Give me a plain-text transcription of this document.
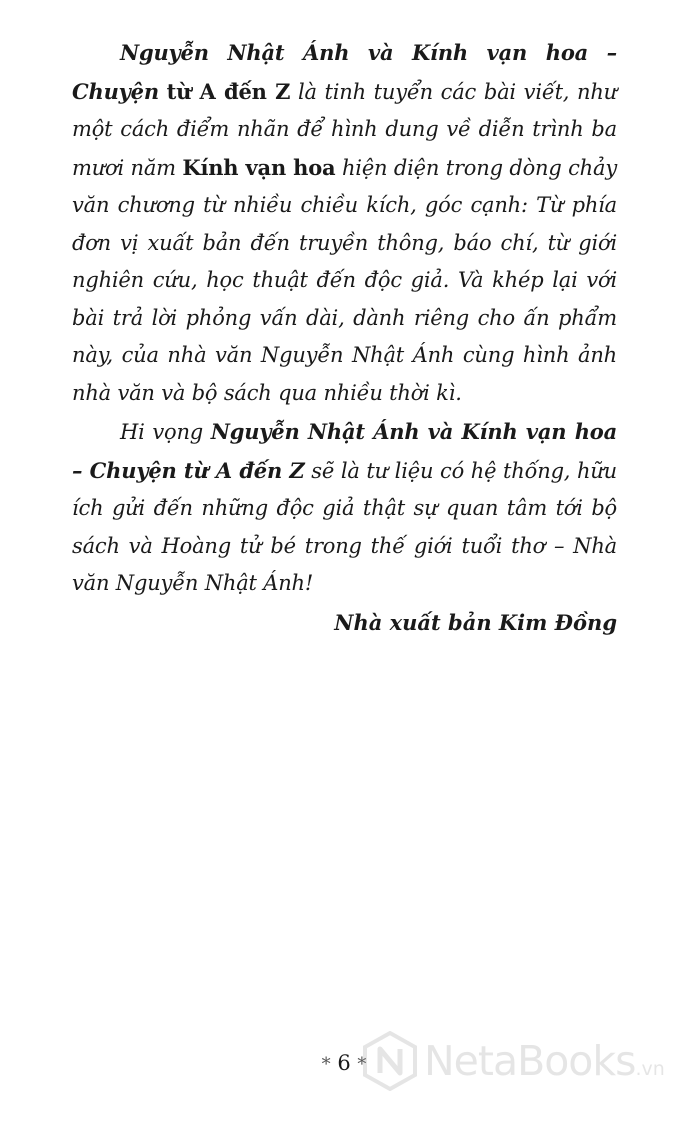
Nguyễn Nhật Ánh và Kính vạn hoa – Chuyện từ A đến Z là tinh tuyển các bài viết, như một cách điểm nhãn để hình dung về diễn trình ba mươi năm Kính vạn hoa hiện diện trong dòng chảy văn chương từ nhiều chiều kích, góc cạnh: Từ phía đơn vị xuất bản đến truyền thông, báo chí, từ giới nghiên cứu, học thuật đến độc giả. Và khép lại với bài trả lời phỏng vấn dài, dành riêng cho ấn phẩm này, của nhà văn Nguyễn Nhật Ánh cùng hình ảnh nhà văn và bộ sách qua nhiều thời kì.

Hi vọng Nguyễn Nhật Ánh và Kính vạn hoa – Chuyện từ A đến Z sẽ là tư liệu có hệ thống, hữu ích gửi đến những độc giả thật sự quan tâm tới bộ sách và Hoàng tử bé trong thế giới tuổi thơ – Nhà văn Nguyễn Nhật Ánh!

Nhà xuất bản Kim Đồng

* 6 * NetaBooks.vn
